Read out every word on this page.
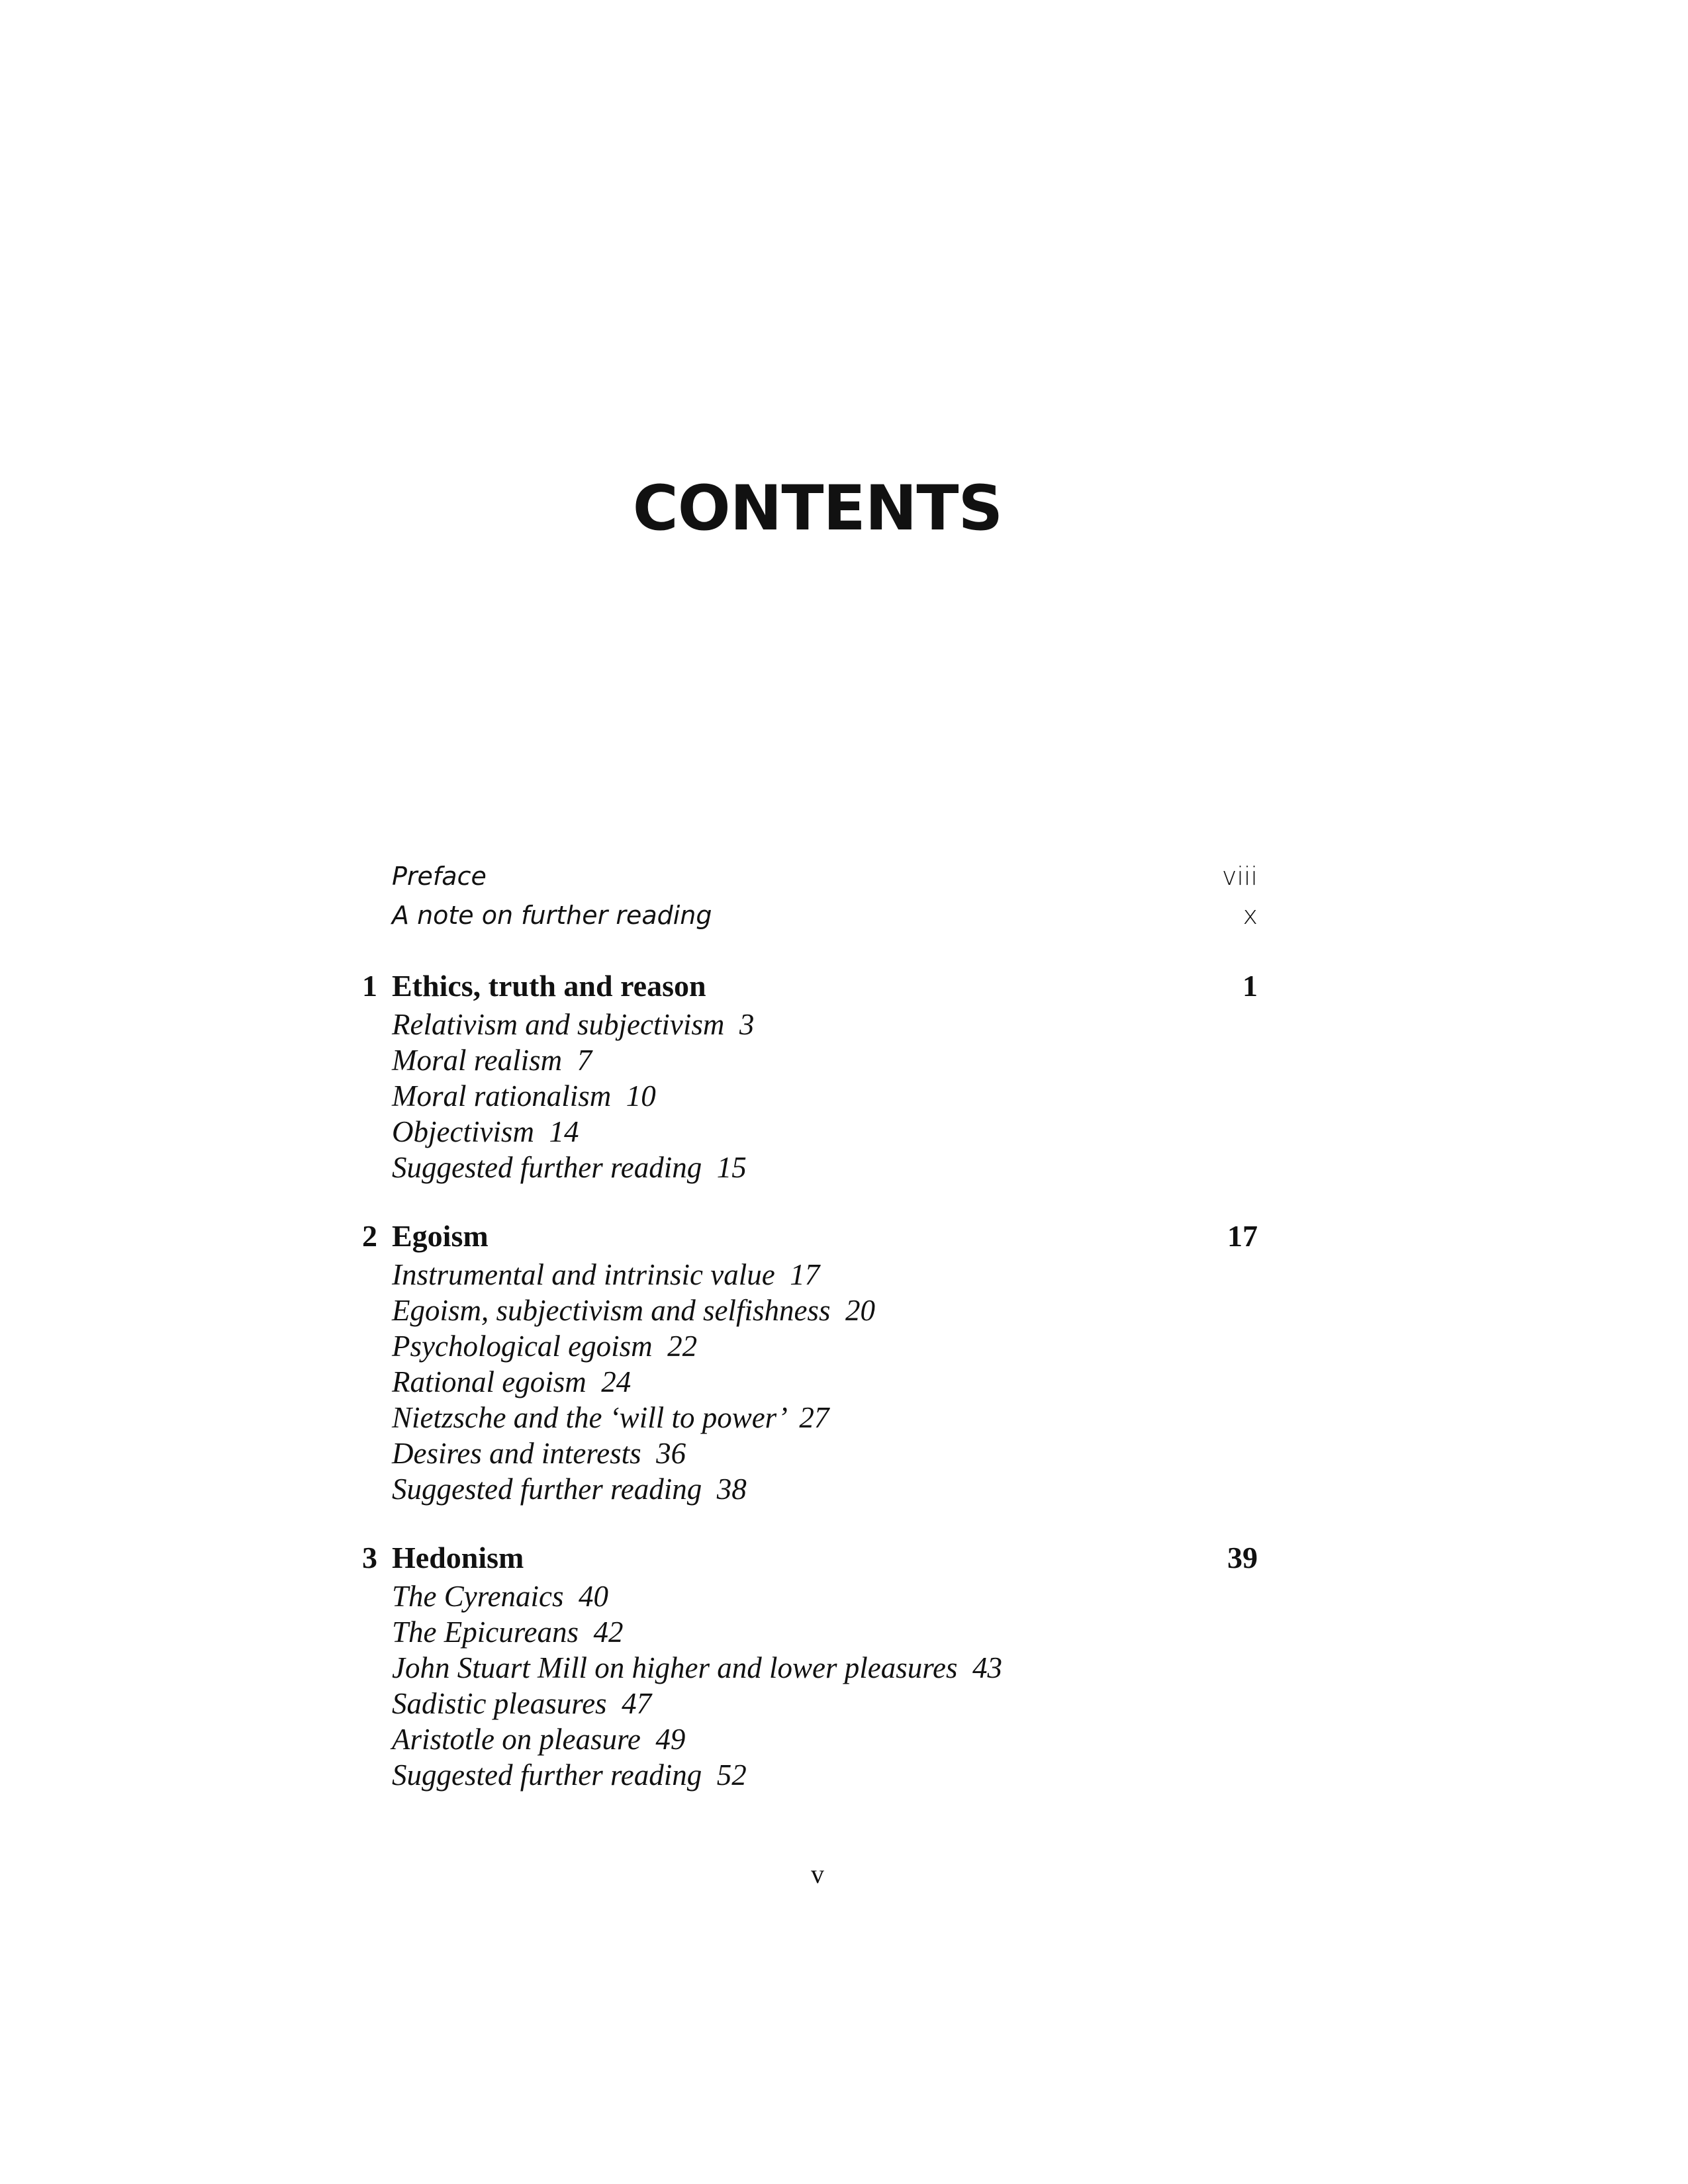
CONTENTS
Preface	viii
A note on further reading	x
1 Ethics, truth and reason	1
Relativism and subjectivism 3
Moral realism 7
Moral rationalism 10
Objectivism 14
Suggested further reading 15
2 Egoism	17
Instrumental and intrinsic value 17
Egoism, subjectivism and selfishness 20
Psychological egoism 22
Rational egoism 24
Nietzsche and the ‘will to power’ 27
Desires and interests 36
Suggested further reading 38
3 Hedonism	39
The Cyrenaics 40
The Epicureans 42
John Stuart Mill on higher and lower pleasures 43
Sadistic pleasures 47
Aristotle on pleasure 49
Suggested further reading 52
v
